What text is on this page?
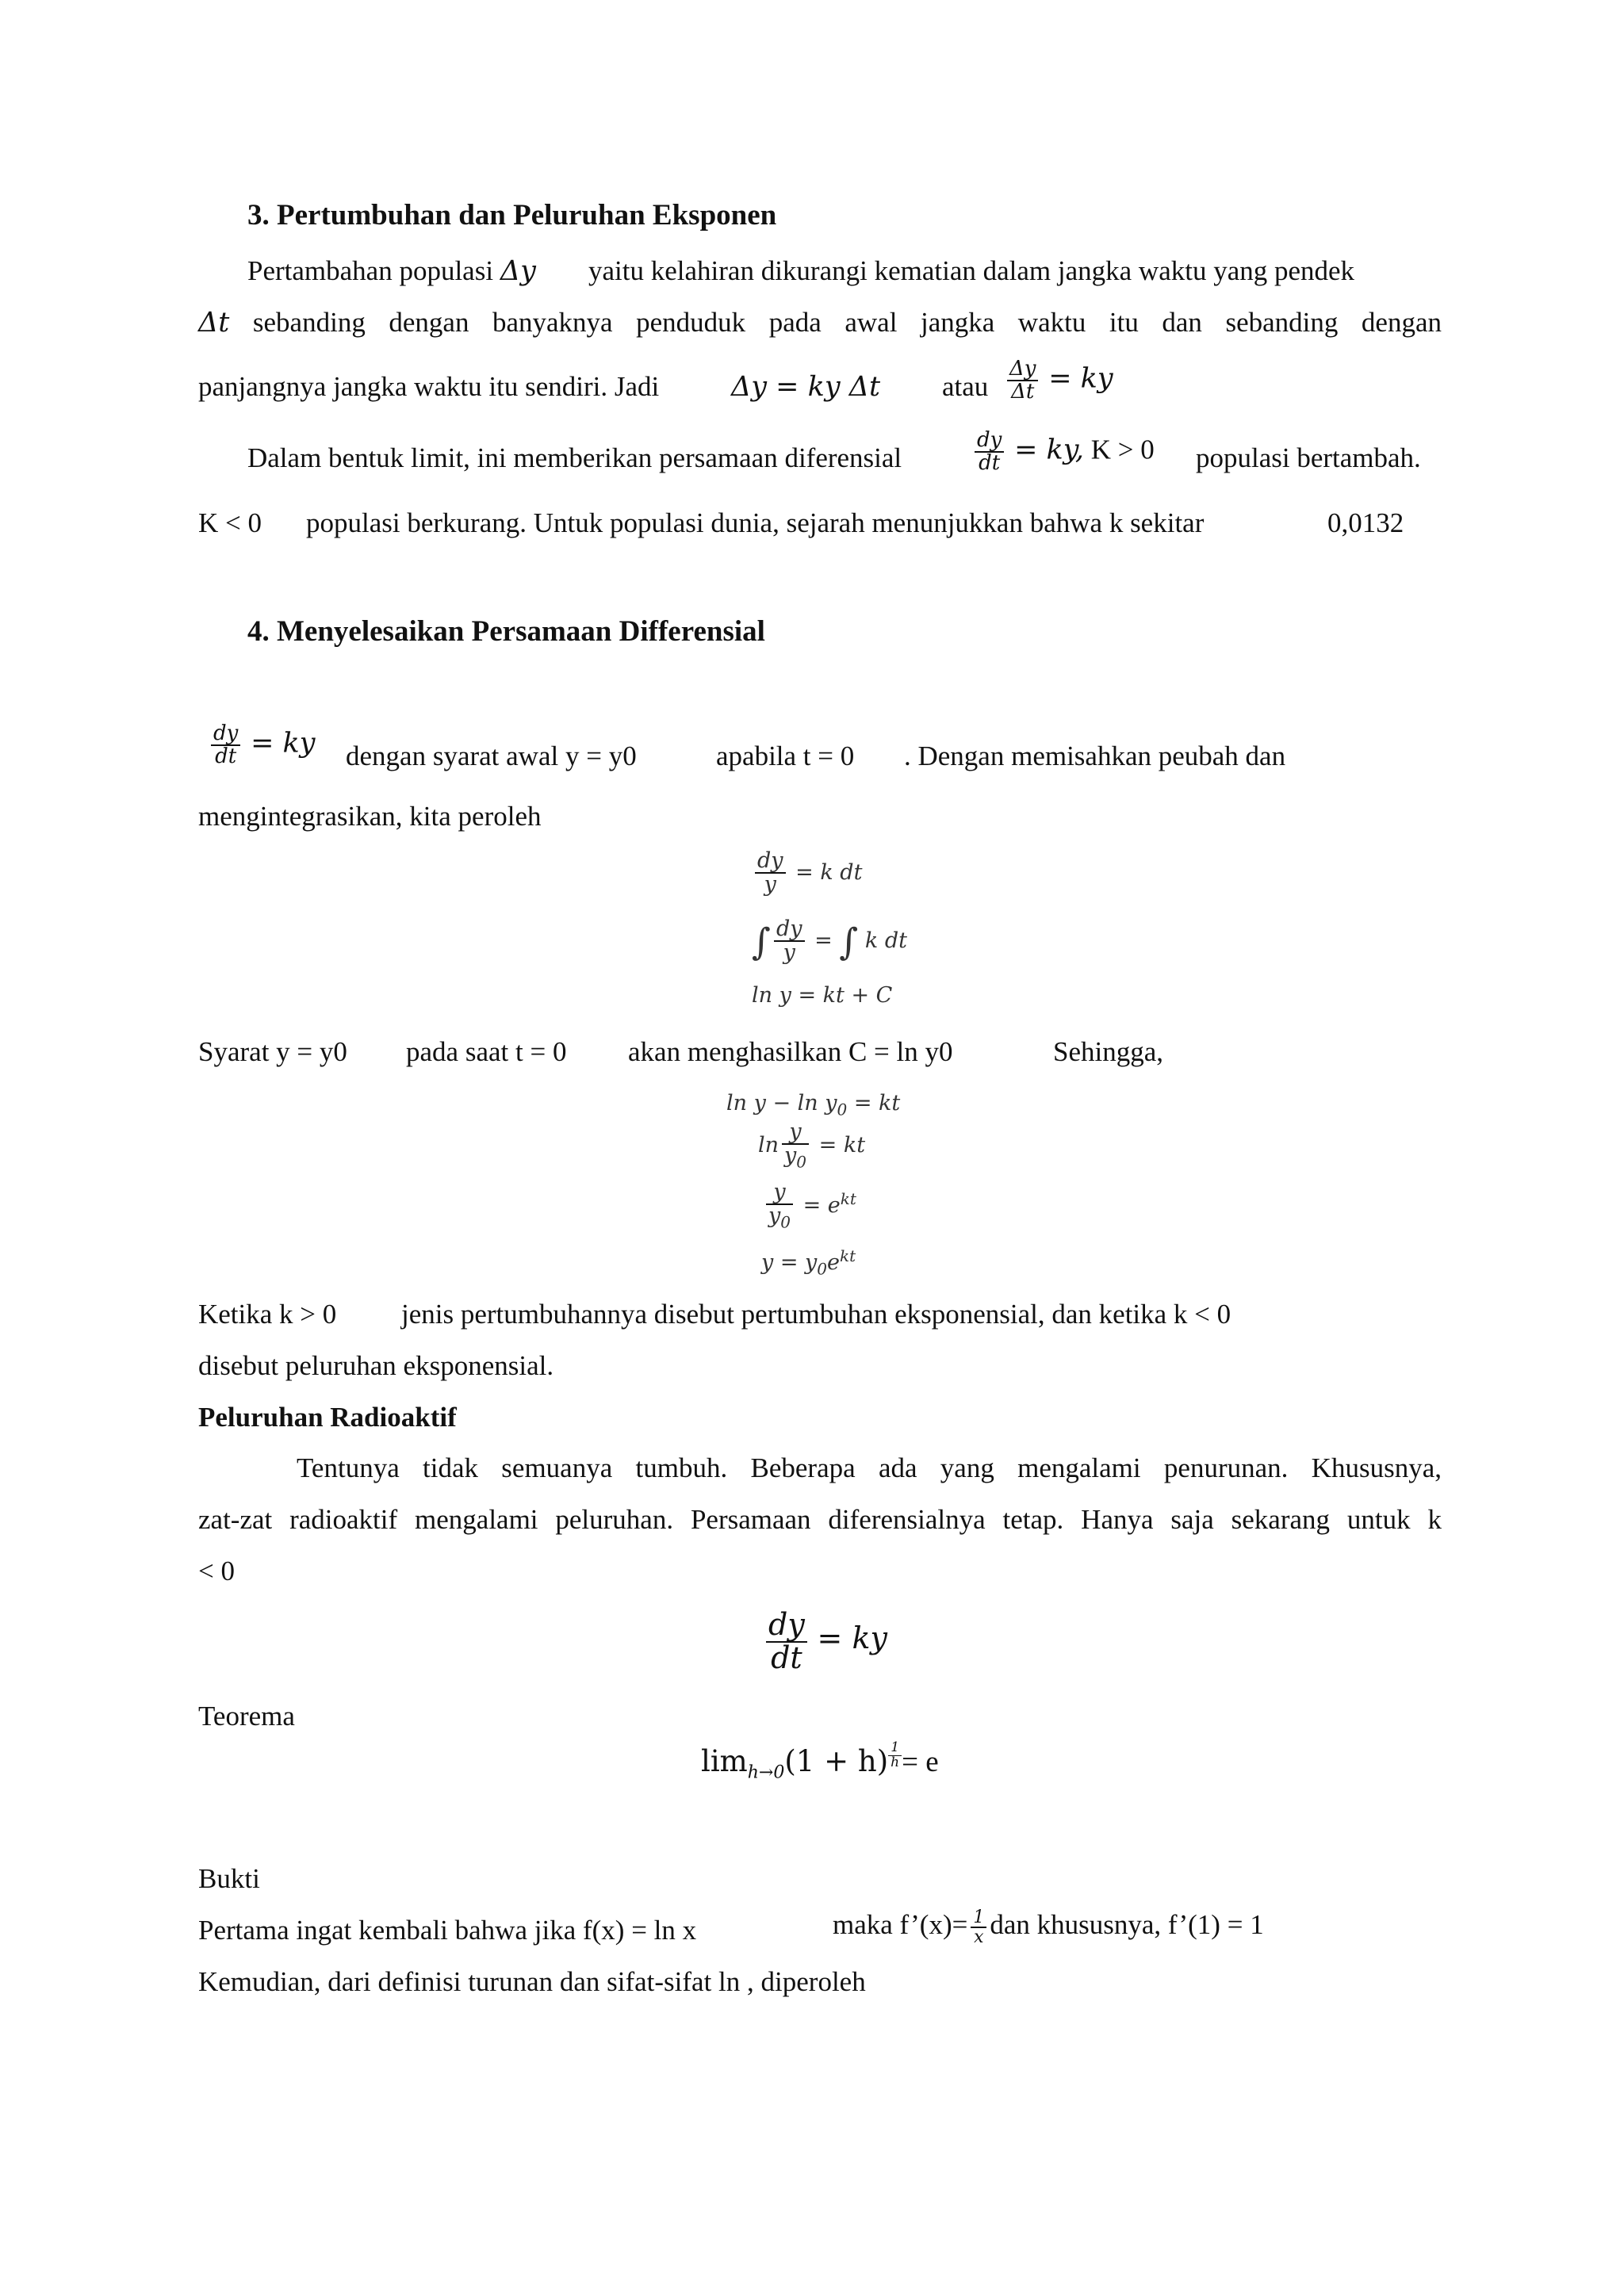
3. Pertumbuhan dan Peluruhan Eksponen
Pertambahan populasi Δy yaitu kelahiran dikurangi kematian dalam jangka waktu yang pendek
Δt sebanding dengan banyaknya penduduk pada awal jangka waktu itu dan sebanding dengan
panjangnya jangka waktu itu sendiri. Jadi	Δy = ky Δt atau $\frac{\Delta y}{\Delta t}$ = ky
Dalam bentuk limit, ini memberikan persamaan diferensial	$\frac{dy}{dt}$ = ky, K > 0 populasi bertambah.
K < 0 populasi berkurang. Untuk populasi dunia, sejarah menunjukkan bahwa k sekitar	0,0132
4. Menyelesaikan Persamaan Differensial
$\frac{dy}{dt}$ = ky dengan syarat awal y = y0	apabila t = 0 . Dengan memisahkan peubah dan
mengintegrasikan, kita peroleh
$\frac{dy}{y} = k$ dt
∫ $\frac{dy}{y}$ = ∫ k dt
ln y = kt + C
Syarat y = y0 pada saat t = 0 akan menghasilkan C = ln y0	Sehingga,
$\ln y - \ln y_0$ = kt
$\ln \frac{y}{y_0}$ = kt
$\frac{y}{y_0} = e^{kt}$
$y = y_0e^{kt}$
Ketika k > 0 jenis pertumbuhannya disebut pertumbuhan eksponensial, dan ketika k < 0
disebut peluruhan eksponensial.
Peluruhan Radioaktif
Tentunya tidak semuanya tumbuh. Beberapa ada yang mengalami penurunan. Khususnya,
zat-zat radioaktif mengalami peluruhan. Persamaan diferensialnya tetap. Hanya saja sekarang untuk k
< 0
$\frac{dy}{dt}$ = ky
Teorema
$\lim_{h\to 0}(1 + h) \frac{1}{h} = e$
Bukti
Pertama ingat kembali bahwa jika f(x) = ln x	maka f’(x)= $\frac{1}{x}$ dan khususnya, f’(1) = 1
Kemudian, dari definisi turunan dan sifat-sifat ln , diperoleh
